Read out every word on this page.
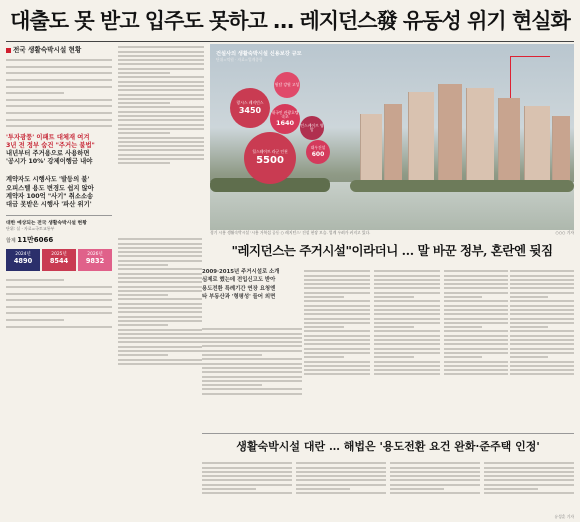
대출도 못 받고 입주도 못하고 … 레지던스發 유동성 위기 현실화
전국 생활숙박시설 현황

'투자광풍' 이패트 대체재 여겨
3년 전 정부 숨건 "주거는 불법"
내년부터 주거용으로 사용하면
'공시가 10%' 강제이행금 내야
계약자도 시행사도 '발등의 불'
오피스텔 용도 변경도 쉽지 않아
계약자 100억 "사기" 취소소송
대금 못받은 시행사 '파산 위기'
대한 예상되는 전국 생활숙박시설 현황
단위: 실 · 자료=국토교통부
합계 11만6066
2024년
4890
2025년
8544
2026년
9832

건설사의 생활숙박시설 신용보강 규모
단위=억원 · 자료=업계종합
랑시스 레지던스
3450
원담 강원 고성
내국인 관광호텔 속초
1640
힐스테이트 라군 인천
5500
인스케이프 영암
대우건설
600
경기 시흥 생활숙박시설 '시흥 거북섬 공동 ○ 레지던스' 건설 현장 모습. 업계 우려가 커지고 있다.	○○○ 기자
"레지던스는 주거시설"이라더니 … 말 바꾼 정부, 혼란엔 뒷짐
2009·2015년 주거시설로 소개
심제로 했는데 전입신고도 받아
용도전환 특례기간 연장 요청엔
타 부동산과 '형평성' 들어 외면
생활숙박시설 대란 … 해법은 '용도전환 요건 완화·준주택 인정'
유성훈 기자
